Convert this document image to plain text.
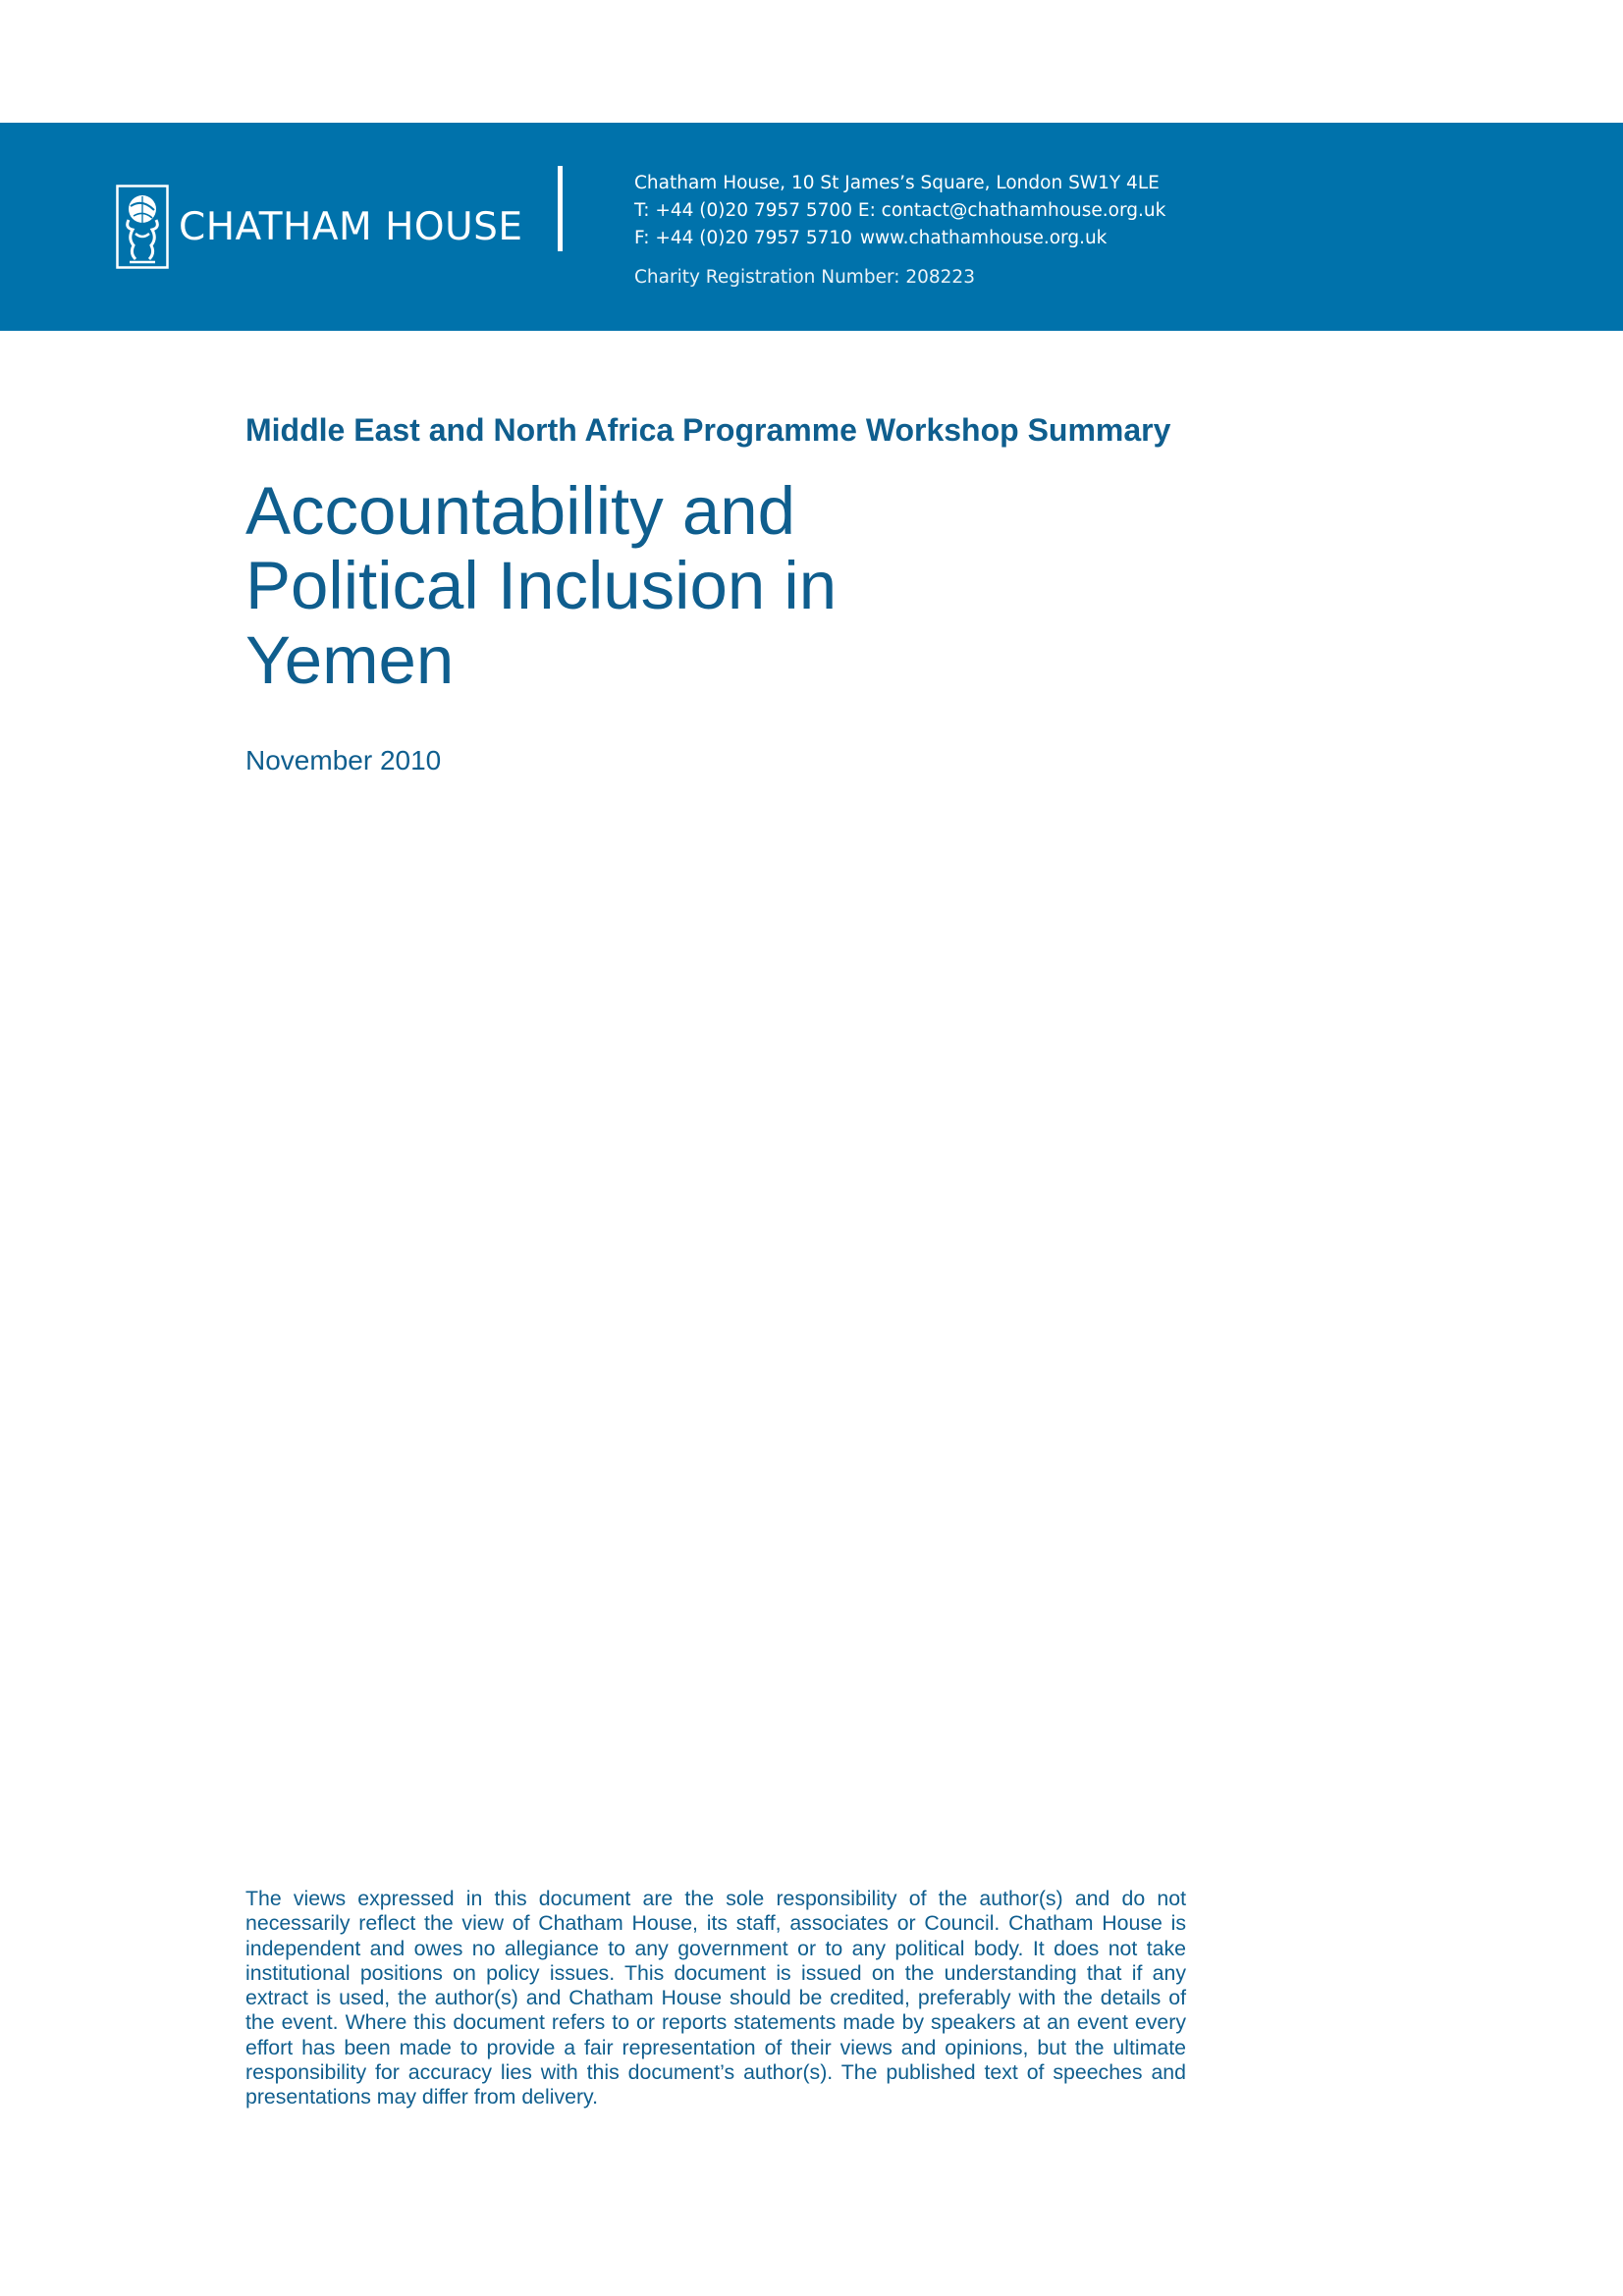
CHATHAM HOUSE
Chatham House, 10 St James’s Square, London SW1Y 4LE
T: +44 (0)20 7957 5700 E: contact@chathamhouse.org.uk
F: +44 (0)20 7957 5710 www.chathamhouse.org.uk
Charity Registration Number: 208223
Middle East and North Africa Programme Workshop Summary
Accountability and
Political Inclusion in
Yemen
November 2010
The views expressed in this document are the sole responsibility of the author(s) and do not necessarily reflect the view of Chatham House, its staff, associates or Council. Chatham House is independent and owes no allegiance to any government or to any political body. It does not take institutional positions on policy issues. This document is issued on the understanding that if any extract is used, the author(s) and Chatham House should be credited, preferably with the details of the event. Where this document refers to or reports statements made by speakers at an event every effort has been made to provide a fair representation of their views and opinions, but the ultimate responsibility for accuracy lies with this document’s author(s). The published text of speeches and presentations may differ from delivery.
